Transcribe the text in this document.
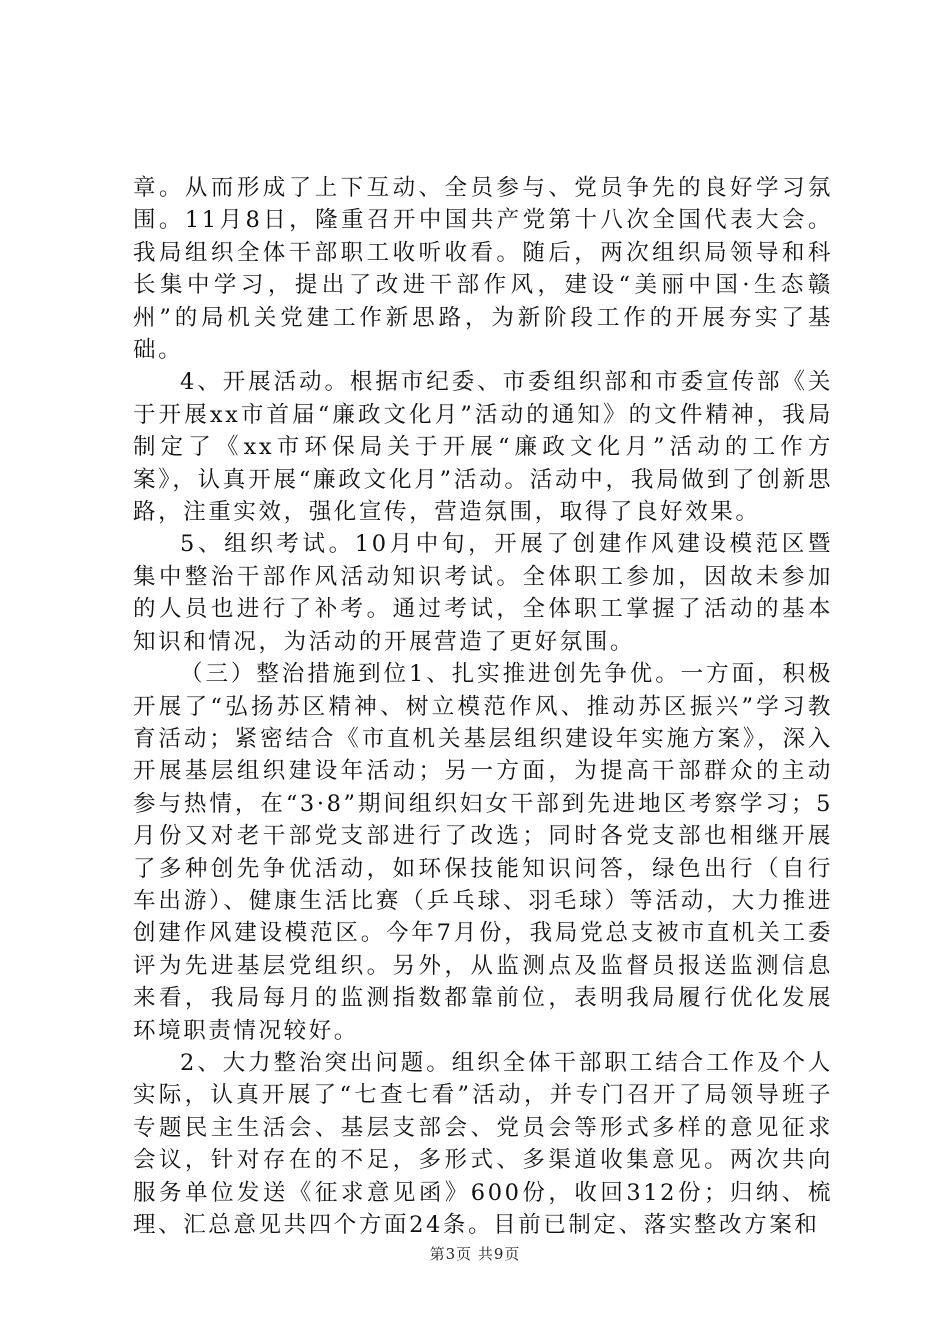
章。从而形成了上下互动、全员参与、党员争先的良好学习氛围。11月8日，隆重召开中国共产党第十八次全国代表大会。我局组织全体干部职工收听收看。随后，两次组织局领导和科长集中学习，提出了改进干部作风，建设“美丽中国·生态赣州”的局机关党建工作新思路，为新阶段工作的开展夯实了基础。

4、开展活动。根据市纪委、市委组织部和市委宣传部《关于开展xx市首届“廉政文化月”活动的通知》的文件精神，我局制定了《xx市环保局关于开展“廉政文化月”活动的工作方案》，认真开展“廉政文化月”活动。活动中，我局做到了创新思路，注重实效，强化宣传，营造氛围，取得了良好效果。

5、组织考试。10月中旬，开展了创建作风建设模范区暨集中整治干部作风活动知识考试。全体职工参加，因故未参加的人员也进行了补考。通过考试，全体职工掌握了活动的基本知识和情况，为活动的开展营造了更好氛围。

（三）整治措施到位1、扎实推进创先争优。一方面，积极开展了“弘扬苏区精神、树立模范作风、推动苏区振兴”学习教育活动；紧密结合《市直机关基层组织建设年实施方案》，深入开展基层组织建设年活动；另一方面，为提高干部群众的主动参与热情，在“3·8”期间组织妇女干部到先进地区考察学习；5月份又对老干部党支部进行了改选；同时各党支部也相继开展了多种创先争优活动，如环保技能知识问答，绿色出行（自行车出游）、健康生活比赛（乒乓球、羽毛球）等活动，大力推进创建作风建设模范区。今年7月份，我局党总支被市直机关工委评为先进基层党组织。另外，从监测点及监督员报送监测信息来看，我局每月的监测指数都靠前位，表明我局履行优化发展环境职责情况较好。

2、大力整治突出问题。组织全体干部职工结合工作及个人实际，认真开展了“七查七看”活动，并专门召开了局领导班子专题民主生活会、基层支部会、党员会等形式多样的意见征求会议，针对存在的不足，多形式、多渠道收集意见。两次共向服务单位发送《征求意见函》600份，收回312份；归纳、梳理、汇总意见共四个方面24条。目前已制定、落实整改方案和

第3页 共9页
